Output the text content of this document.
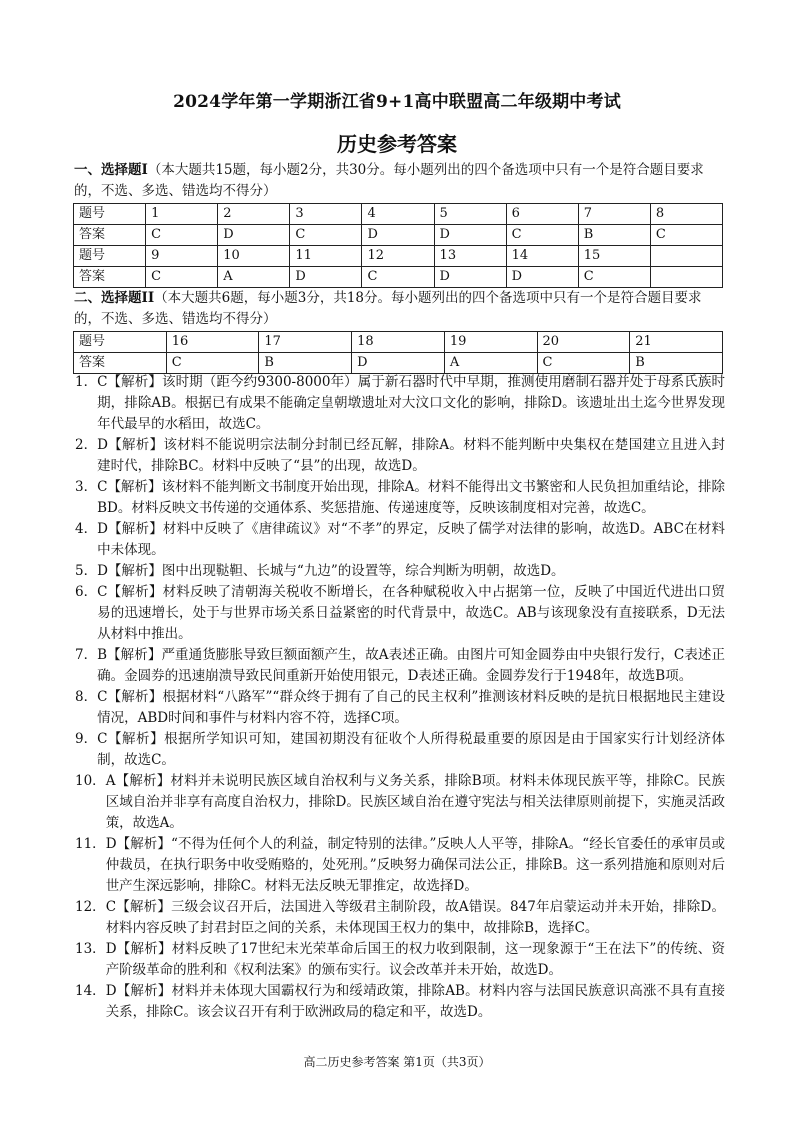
2024学年第一学期浙江省9+1高中联盟高二年级期中考试
历史参考答案
一、选择题I（本大题共15题，每小题2分，共30分。每小题列出的四个备选项中只有一个是符合题目要求的，不选、多选、错选均不得分）
题号	1	2	3	4	5	6	7	8
答案	C	D	C	D	D	C	B	C
题号	9	10	11	12	13	14	15	
答案	C	A	D	C	D	D	C	
二、选择题II（本大题共6题，每小题3分，共18分。每小题列出的四个备选项中只有一个是符合题目要求的，不选、多选、错选均不得分）
题号	16	17	18	19	20	21
答案	C	B	D	A	C	B
1． C【解析】该时期（距今约9300-8000年）属于新石器时代中早期，推测使用磨制石器并处于母系氏族时期，排除AB。根据已有成果不能确定皇朝墩遗址对大汶口文化的影响，排除D。该遗址出土迄今世界发现年代最早的水稻田，故选C。
2． D【解析】该材料不能说明宗法制分封制已经瓦解，排除A。材料不能判断中央集权在楚国建立且进入封建时代，排除BC。材料中反映了“县”的出现，故选D。
3． C【解析】该材料不能判断文书制度开始出现，排除A。材料不能得出文书繁密和人民负担加重结论，排除BD。材料反映文书传递的交通体系、奖惩措施、传递速度等，反映该制度相对完善，故选C。
4． D【解析】材料中反映了《唐律疏议》对“不孝”的界定，反映了儒学对法律的影响，故选D。ABC在材料中未体现。
5． D【解析】图中出现鞑靼、长城与“九边”的设置等，综合判断为明朝，故选D。
6． C【解析】材料反映了清朝海关税收不断增长，在各种赋税收入中占据第一位，反映了中国近代进出口贸易的迅速增长，处于与世界市场关系日益紧密的时代背景中，故选C。AB与该现象没有直接联系，D无法从材料中推出。
7． B【解析】严重通货膨胀导致巨额面额产生，故A表述正确。由图片可知金圆券由中央银行发行，C表述正确。金圆券的迅速崩溃导致民间重新开始使用银元，D表述正确。金圆券发行于1948年，故选B项。
8． C【解析】根据材料“八路军”“群众终于拥有了自己的民主权利”推测该材料反映的是抗日根据地民主建设情况，ABD时间和事件与材料内容不符，选择C项。
9． C【解析】根据所学知识可知，建国初期没有征收个人所得税最重要的原因是由于国家实行计划经济体制，故选C。
10． A【解析】材料并未说明民族区域自治权利与义务关系，排除B项。材料未体现民族平等，排除C。民族区域自治并非享有高度自治权力，排除D。民族区域自治在遵守宪法与相关法律原则前提下，实施灵活政策，故选A。
11． D【解析】“不得为任何个人的利益，制定特别的法律。”反映人人平等，排除A。“经长官委任的承审员或仲裁员，在执行职务中收受贿赂的，处死刑。”反映努力确保司法公正，排除B。这一系列措施和原则对后世产生深远影响，排除C。材料无法反映无罪推定，故选择D。
12． C【解析】三级会议召开后，法国进入等级君主制阶段，故A错误。847年启蒙运动并未开始，排除D。材料内容反映了封君封臣之间的关系，未体现国王权力的集中，故排除B，选择C。
13． D【解析】材料反映了17世纪末光荣革命后国王的权力收到限制，这一现象源于“王在法下”的传统、资产阶级革命的胜利和《权利法案》的颁布实行。议会改革并未开始，故选D。
14． D【解析】材料并未体现大国霸权行为和绥靖政策，排除AB。材料内容与法国民族意识高涨不具有直接关系，排除C。该会议召开有利于欧洲政局的稳定和平，故选D。
高二历史参考答案 第1页（共3页）
